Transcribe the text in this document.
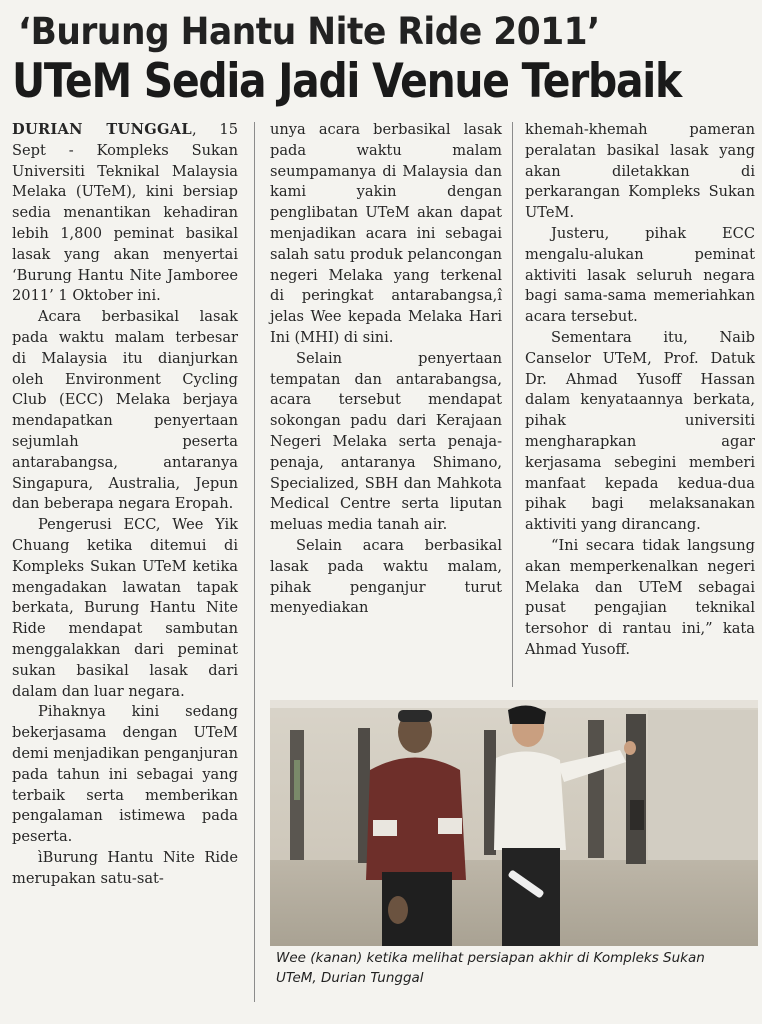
‘Burung Hantu Nite Ride 2011’
UTeM Sedia Jadi Venue Terbaik

DURIAN TUNGGAL, 15 Sept - Kompleks Sukan Universiti Teknikal Malaysia Melaka (UTeM), kini bersiap sedia menantikan kehadiran lebih 1,800 peminat basikal lasak yang akan menyertai ‘Burung Hantu Nite Jamboree 2011’ 1 Oktober ini.

Acara berbasikal lasak pada waktu malam terbesar di Malaysia itu dianjurkan oleh Environment Cycling Club (ECC) Melaka berjaya mendapatkan penyertaan sejumlah peserta antarabangsa, antaranya Singapura, Australia, Jepun dan beberapa negara Eropah.

Pengerusi ECC, Wee Yik Chuang ketika ditemui di Kompleks Sukan UTeM ketika mengadakan lawatan tapak berkata, Burung Hantu Nite Ride mendapat sambutan menggalakkan dari peminat sukan basikal lasak dari dalam dan luar negara.

Pihaknya kini sedang bekerjasama dengan UTeM demi menjadikan penganjuran pada tahun ini sebagai yang terbaik serta memberikan pengalaman istimewa pada peserta.

ìBurung Hantu Nite Ride merupakan satu-sat-

unya acara berbasikal lasak pada waktu malam seumpamanya di Malaysia dan kami yakin dengan penglibatan UTeM akan dapat menjadikan acara ini sebagai salah satu produk pelancongan negeri Melaka yang terkenal di peringkat antarabangsa,î jelas Wee kepada Melaka Hari Ini (MHI) di sini.

Selain penyertaan tempatan dan antarabangsa, acara tersebut mendapat sokongan padu dari Kerajaan Negeri Melaka serta penaja-penaja, antaranya Shimano, Specialized, SBH dan Mahkota Medical Centre serta liputan meluas media tanah air.

Selain acara berbasikal lasak pada waktu malam, pihak penganjur turut menyediakan

khemah-khemah pameran peralatan basikal lasak yang akan diletakkan di perkarangan Kompleks Sukan UTeM.

Justeru, pihak ECC mengalu-alukan peminat aktiviti lasak seluruh negara bagi sama-sama memeriahkan acara tersebut.

Sementara itu, Naib Canselor UTeM, Prof. Datuk Dr. Ahmad Yusoff Hassan dalam kenyataannya berkata, pihak universiti mengharapkan agar kerjasama sebegini memberi manfaat kepada kedua-dua pihak bagi melaksanakan aktiviti yang dirancang.

“Ini secara tidak langsung akan memperkenalkan negeri Melaka dan UTeM sebagai pusat pengajian teknikal tersohor di rantau ini,” kata Ahmad Yusoff.

Wee (kanan) ketika melihat persiapan akhir di Kompleks Sukan UTeM, Durian Tunggal
